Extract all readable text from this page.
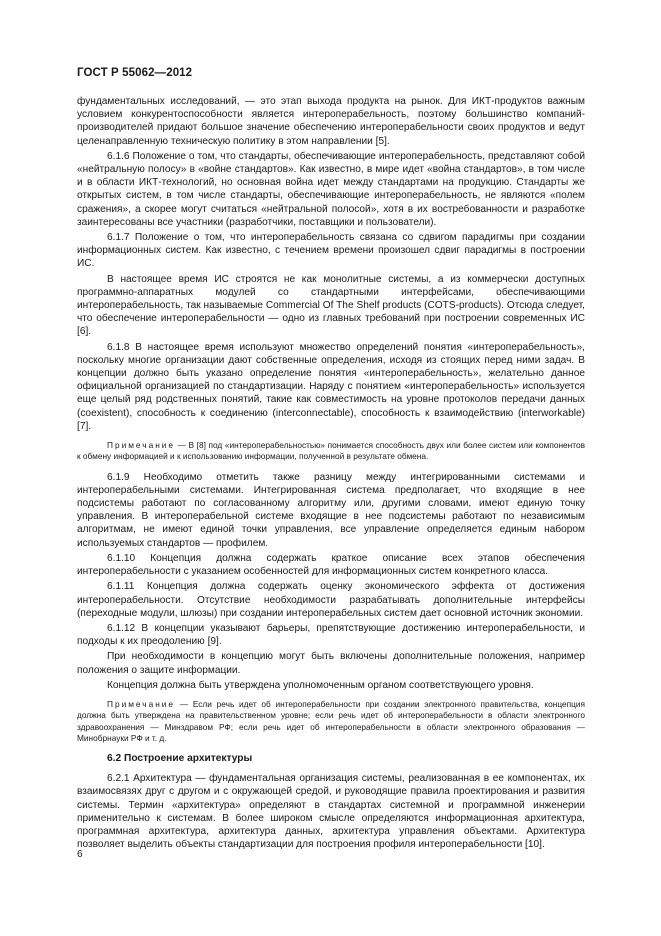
ГОСТ Р 55062—2012

фундаментальных исследований, — это этап выхода продукта на рынок. Для ИКТ-продуктов важным условием конкурентоспособности является интероперабельность, поэтому большинство компаний-производителей придают большое значение обеспечению интероперабельности своих продуктов и ведут целенаправленную техническую политику в этом направлении [5].

6.1.6 Положение о том, что стандарты, обеспечивающие интероперабельность, представляют собой «нейтральную полосу» в «войне стандартов». Как известно, в мире идет «война стандартов», в том числе и в области ИКТ-технологий, но основная война идет между стандартами на продукцию. Стандарты же открытых систем, в том числе стандарты, обеспечивающие интероперабельность, не являются «полем сражения», а скорее могут считаться «нейтральной полосой», хотя в их востребованности и разработке заинтересованы все участники (разработчики, поставщики и пользователи).

6.1.7 Положение о том, что интероперабельность связана со сдвигом парадигмы при создании информационных систем. Как известно, с течением времени произошел сдвиг парадигмы в построении ИС.

В настоящее время ИС строятся не как монолитные системы, а из коммерчески доступных программно-аппаратных модулей со стандартными интерфейсами, обеспечивающими интероперабельность, так называемые Commercial Of The Shelf products (COTS-products). Отсюда следует, что обеспечение интероперабельности — одно из главных требований при построении современных ИС [6].

6.1.8 В настоящее время используют множество определений понятия «интероперабельность», поскольку многие организации дают собственные определения, исходя из стоящих перед ними задач. В концепции должно быть указано определение понятия «интероперабельность», желательно данное официальной организацией по стандартизации. Наряду с понятием «интероперабельность» используется еще целый ряд родственных понятий, такие как совместимость на уровне протоколов передачи данных (coexistent), способность к соединению (interconnectable), способность к взаимодействию (interworkable) [7].

Примечание — В [8] под «интероперабельностью» понимается способность двух или более систем или компонентов к обмену информацией и к использованию информации, полученной в результате обмена.

6.1.9 Необходимо отметить также разницу между интегрированными системами и интероперабельными системами. Интегрированная система предполагает, что входящие в нее подсистемы работают по согласованному алгоритму или, другими словами, имеют единую точку управления. В интероперабельной системе входящие в нее подсистемы работают по независимым алгоритмам, не имеют единой точки управления, все управление определяется единым набором используемых стандартов — профилем.

6.1.10 Концепция должна содержать краткое описание всех этапов обеспечения интероперабельности с указанием особенностей для информационных систем конкретного класса.

6.1.11 Концепция должна содержать оценку экономического эффекта от достижения интероперабельности. Отсутствие необходимости разрабатывать дополнительные интерфейсы (переходные модули, шлюзы) при создании интероперабельных систем дает основной источник экономии.

6.1.12 В концепции указывают барьеры, препятствующие достижению интероперабельности, и подходы к их преодолению [9].

При необходимости в концепцию могут быть включены дополнительные положения, например положения о защите информации.

Концепция должна быть утверждена уполномоченным органом соответствующего уровня.

Примечание — Если речь идет об интероперабельности при создании электронного правительства, концепция должна быть утверждена на правительственном уровне; если речь идет об интероперабельности в области электронного здравоохранения — Минздравом РФ; если речь идет об интероперабельности в области электронного образования — Минобрнауки РФ и т. д.

6.2 Построение архитектуры

6.2.1 Архитектура — фундаментальная организация системы, реализованная в ее компонентах, их взаимосвязях друг с другом и с окружающей средой, и руководящие правила проектирования и развития системы. Термин «архитектура» определяют в стандартах системной и программной инженерии применительно к системам. В более широком смысле определяются информационная архитектура, программная архитектура, архитектура данных, архитектура управления объектами. Архитектура позволяет выделить объекты стандартизации для построения профиля интероперабельности [10].

6
